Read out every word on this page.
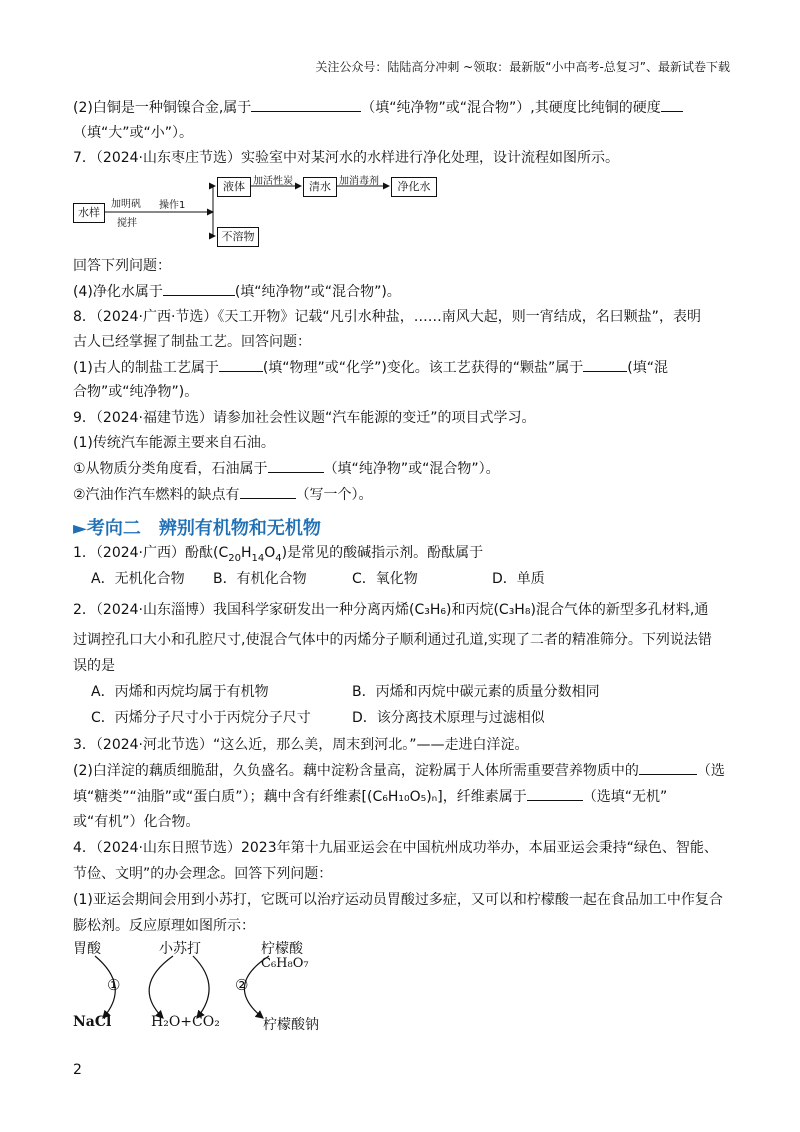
关注公众号：陆陆高分冲刺 ~领取：最新版“小中高考-总复习”、最新试卷下载
(2)白铜是一种铜镍合金,属于	（填“纯净物”或“混合物”）,其硬度比纯铜的硬度
（填“大”或“小”）。
7．（2024·山东枣庄节选）实验室中对某河水的水样进行净化处理，设计流程如图所示。
水样
加明矾
搅拌
操作1
液体 加活性炭	清水 加消毒剂	净化水
不溶物
回答下列问题：
(4)净化水属于	(填“纯净物”或“混合物”)。
8．（2024·广西·节选）《天工开物》记载“凡引水种盐，……南风大起，则一宵结成，名曰颗盐”，表明
古人已经掌握了制盐工艺。回答问题：
(1)古人的制盐工艺属于	(填“物理”或“化学”)变化。该工艺获得的“颗盐”属于	(填“混
合物”或“纯净物”)。
9．（2024·福建节选）请参加社会性议题“汽车能源的变迁”的项目式学习。
(1)传统汽车能源主要来自石油。
①从物质分类角度看，石油属于	（填“纯净物”或“混合物”）。
②汽油作汽车燃料的缺点有	（写一个）。
►考向二　辨别有机物和无机物
1．（2024·广西）酚酞$(C_{20}H_{14}O_4)$是常见的酸碱指示剂。酚酞属于
A．无机化合物 B．有机化合物	C．氧化物	D．单质
2．（2024·山东淄博）我国科学家研发出一种分离丙烯(C₃H₆)和丙烷(C₃H₈)混合气体的新型多孔材料,通
过调控孔口大小和孔腔尺寸,使混合气体中的丙烯分子顺利通过孔道,实现了二者的精准筛分。下列说法错
误的是
A．丙烯和丙烷均属于有机物	B．丙烯和丙烷中碳元素的质量分数相同
C．丙烯分子尺寸小于丙烷分子尺寸	D．该分离技术原理与过滤相似
3．（2024·河北节选）“这么近，那么美，周末到河北。”——走进白洋淀。
(2)白洋淀的藕质细脆甜，久负盛名。藕中淀粉含量高，淀粉属于人体所需重要营养物质中的	（选
填“糖类”“油脂”或“蛋白质”）；藕中含有纤维素[(C₆H₁₀O₅)ₙ]，纤维素属于	（选填“无机”
或“有机”）化合物。
4．（2024·山东日照节选）2023年第十九届亚运会在中国杭州成功举办，本届亚运会秉持“绿色、智能、
节俭、文明”的办会理念。回答下列问题：
(1)亚运会期间会用到小苏打，它既可以治疗运动员胃酸过多症，又可以和柠檬酸一起在食品加工中作复合
膨松剂。反应原理如图所示：
胃酸	小苏打	柠檬酸
C₆H₈O₇
①	②
NaCl	H₂O+CO₂	柠檬酸钠
2
